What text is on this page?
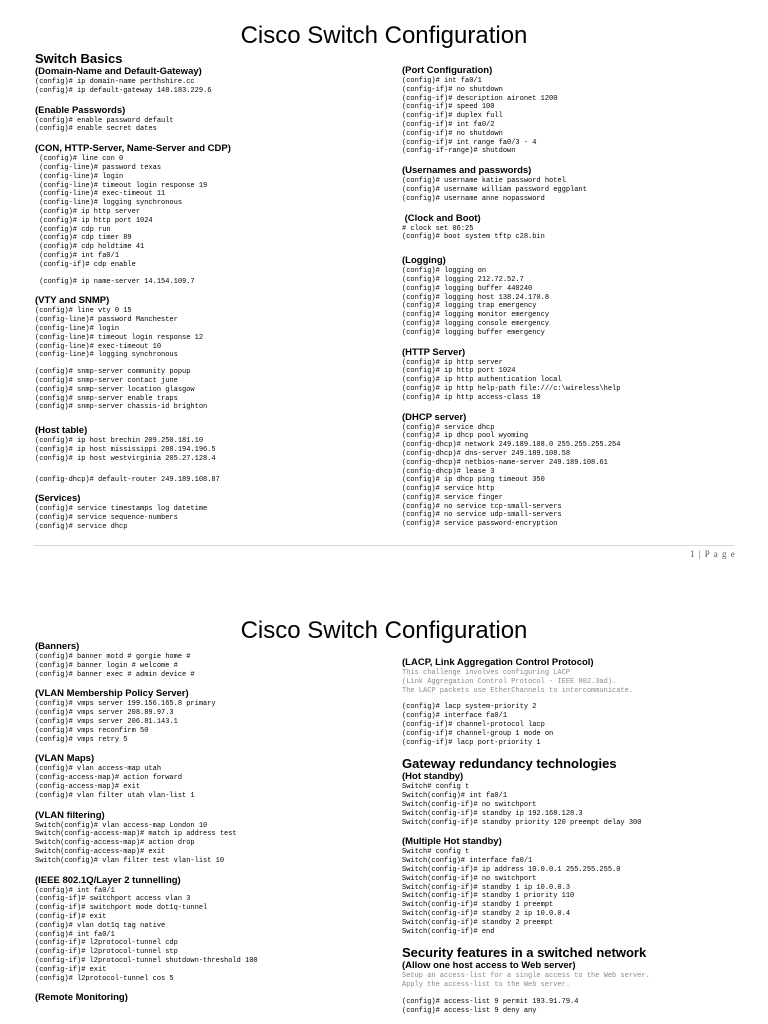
Cisco Switch Configuration
Switch Basics
(Domain-Name and Default-Gateway)
(config)# ip domain-name perthshire.cc
(config)# ip default-gateway 148.183.229.6
(Enable Passwords)
(config)# enable password default
(config)# enable secret dates
(CON, HTTP-Server, Name-Server and CDP)
(config)# line con 0
(config-line)# password texas
(config-line)# login
(config-line)# timeout login response 19
(config-line)# exec-timeout 11
(config-line)# logging synchronous
(config)# ip http server
(config)# ip http port 1024
(config)# cdp run
(config)# cdp timer 89
(config)# cdp holdtime 41
(config)# int fa0/1
(config-if)# cdp enable
(config)# ip name-server 14.154.109.7
(VTY and SNMP)
(config)# line vty 0 15
(config-line)# password Manchester
(config-line)# login
(config-line)# timeout login response 12
(config-line)# exec-timeout 10
(config-line)# logging synchronous
(config)# snmp-server community popup
(config)# snmp-server contact june
(config)# snmp-server location glasgow
(config)# snmp-server enable traps
(config)# snmp-server chassis-id brighton
(Host table)
(config)# ip host brechin 209.250.181.10
(config)# ip host mississippi 208.194.196.5
(config)# ip host westvirginia 205.27.128.4
(config-dhcp)# default-router 249.189.108.87
(Services)
(config)# service timestamps log datetime
(config)# service sequence-numbers
(config)# service dhcp
(Port Configuration)
(config)# int fa0/1
(config-if)# no shutdown
(config-if)# description aironet 1200
(config-if)# speed 100
(config-if)# duplex full
(config-if)# int fa0/2
(config-if)# no shutdown
(config-if)# int range fa0/3 - 4
(config-if-range)# shutdown
(Usernames and passwords)
(config)# username katie password hotel
(config)# username william password eggplant
(config)# username anne nopassword
(Clock and Boot)
# clock set 06:25
(config)# boot system tftp c28.bin
(Logging)
(config)# logging on
(config)# logging 212.72.52.7
(config)# logging buffer 440240
(config)# logging host 138.24.170.8
(config)# logging trap emergency
(config)# logging monitor emergency
(config)# logging console emergency
(config)# logging buffer emergency
(HTTP Server)
(config)# ip http server
(config)# ip http port 1024
(config)# ip http authentication local
(config)# ip http help-path file:///c:\wireless\help
(config)# ip http access-class 10
(DHCP server)
(config)# service dhcp
(config)# ip dhcp pool wyoming
(config-dhcp)# network 249.189.108.0 255.255.255.254
(config-dhcp)# dns-server 249.189.108.58
(config-dhcp)# netbios-name-server 249.189.108.61
(config-dhcp)# lease 3
(config)# ip dhcp ping timeout 350
(config)# service http
(config)# service finger
(config)# no service tcp-small-servers
(config)# no service udp-small-servers
(config)# service password-encryption
1 | P a g e
Cisco Switch Configuration
(Banners)
(config)# banner motd # gorgie home #
(config)# banner login # welcome #
(config)# banner exec # admin device #
(VLAN Membership Policy Server)
(config)# vmps server 199.156.165.8 primary
(config)# vmps server 208.89.97.3
(config)# vmps server 206.81.143.1
(config)# vmps reconfirm 50
(config)# vmps retry 5
(VLAN Maps)
(config)# vlan access-map utah
(config-access-map)# action forward
(config-access-map)# exit
(config)# vlan filter utah vlan-list 1
(VLAN filtering)
Switch(config)# vlan access-map London 10
Switch(config-access-map)# match ip address test
Switch(config-access-map)# action drop
Switch(config-access-map)# exit
Switch(config)# vlan filter test vlan-list 10
(IEEE 802.1Q/Layer 2 tunnelling)
(config)# int fa0/1
(config-if)# switchport access vlan 3
(config-if)# switchport mode dot1q-tunnel
(config-if)# exit
(config)# vlan dot1q tag native
(config)# int fa0/1
(config-if)# l2protocol-tunnel cdp
(config-if)# l2protocol-tunnel stp
(config-if)# l2protocol-tunnel shutdown-threshold 100
(config-if)# exit
(config)# l2protocol-tunnel cos 5
(Remote Monitoring)
(LACP, Link Aggregation Control Protocol)
This challenge involves configuring LACP
(Link Aggregation Control Protocol - IEEE 802.3ad).
The LACP packets use EtherChannels to intercommunicate.
(config)# lacp system-priority 2
(config)# interface fa0/1
(config-if)# channel-protocol lacp
(config-if)# channel-group 1 mode on
(config-if)# lacp port-priority 1
Gateway redundancy technologies
(Hot standby)
Switch# config t
Switch(config)# int fa0/1
Switch(config-if)# no switchport
Switch(config-if)# standby ip 192.168.128.3
Switch(config-if)# standby priority 120 preempt delay 300
(Multiple Hot standby)
Switch# config t
Switch(config)# interface fa0/1
Switch(config-if)# ip address 10.0.0.1 255.255.255.0
Switch(config-if)# no switchport
Switch(config-if)# standby 1 ip 10.0.0.3
Switch(config-if)# standby 1 priority 110
Switch(config-if)# standby 1 preempt
Switch(config-if)# standby 2 ip 10.0.0.4
Switch(config-if)# standby 2 preempt
Switch(config-if)# end
Security features in a switched network
(Allow one host access to Web server)
Setup an access-list for a single access to the Web server.
Apply the access-list to the Web server.
(config)# access-list 9 permit 193.91.79.4
(config)# access-list 9 deny any
